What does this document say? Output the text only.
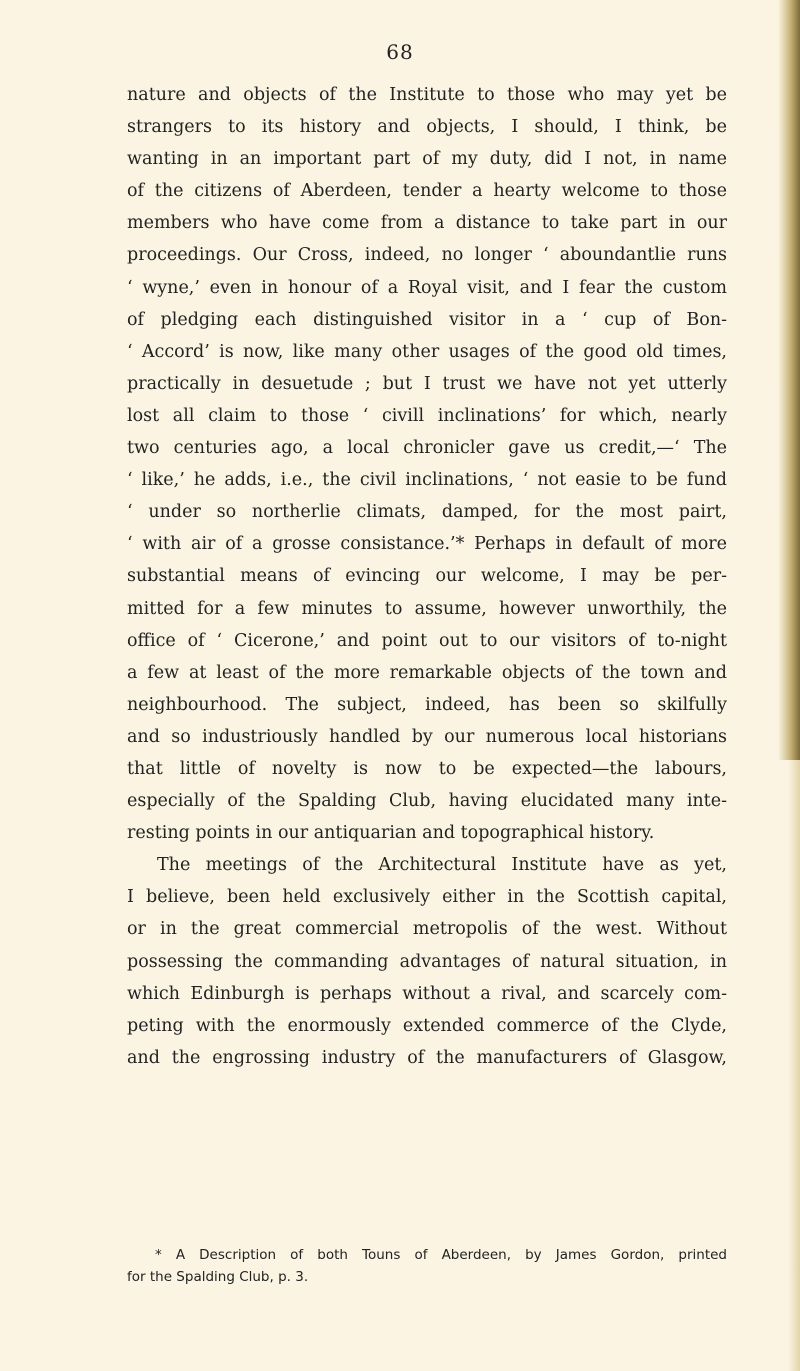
68
nature and objects of the Institute to those who may yet be
strangers to its history and objects, I should, I think, be
wanting in an important part of my duty, did I not, in name
of the citizens of Aberdeen, tender a hearty welcome to those
members who have come from a distance to take part in our
proceedings. Our Cross, indeed, no longer ‘ aboundantlie runs
‘ wyne,’ even in honour of a Royal visit, and I fear the custom
of pledging each distinguished visitor in a ‘ cup of Bon-
‘ Accord’ is now, like many other usages of the good old times,
practically in desuetude ; but I trust we have not yet utterly
lost all claim to those ‘ civill inclinations’ for which, nearly
two centuries ago, a local chronicler gave us credit,—‘ The
‘ like,’ he adds, i.e., the civil inclinations, ‘ not easie to be fund
‘ under so northerlie climats, damped, for the most pairt,
‘ with air of a grosse consistance.’* Perhaps in default of more
substantial means of evincing our welcome, I may be per-
mitted for a few minutes to assume, however unworthily, the
office of ‘ Cicerone,’ and point out to our visitors of to-night
a few at least of the more remarkable objects of the town and
neighbourhood. The subject, indeed, has been so skilfully
and so industriously handled by our numerous local historians
that little of novelty is now to be expected—the labours,
especially of the Spalding Club, having elucidated many inte-
resting points in our antiquarian and topographical history.
The meetings of the Architectural Institute have as yet,
I believe, been held exclusively either in the Scottish capital,
or in the great commercial metropolis of the west. Without
possessing the commanding advantages of natural situation, in
which Edinburgh is perhaps without a rival, and scarcely com-
peting with the enormously extended commerce of the Clyde,
and the engrossing industry of the manufacturers of Glasgow,
* A Description of both Touns of Aberdeen, by James Gordon, printed
for the Spalding Club, p. 3.
